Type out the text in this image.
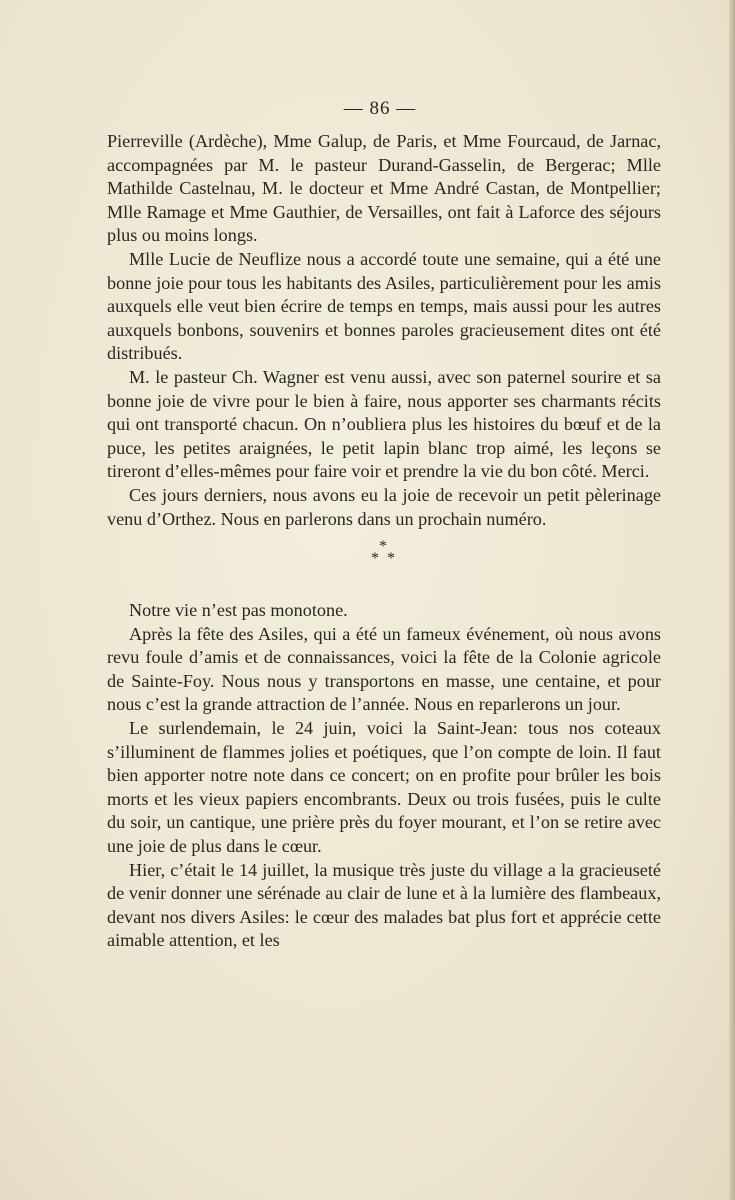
— 86 —

Pierreville (Ardèche), Mme Galup, de Paris, et Mme Fourcaud, de Jarnac, accompagnées par M. le pasteur Durand-Gasselin, de Bergerac; Mlle Mathilde Castelnau, M. le docteur et Mme André Castan, de Montpellier; Mlle Ramage et Mme Gauthier, de Versailles, ont fait à Laforce des séjours plus ou moins longs.

Mlle Lucie de Neuflize nous a accordé toute une semaine, qui a été une bonne joie pour tous les habitants des Asiles, particulièrement pour les amis auxquels elle veut bien écrire de temps en temps, mais aussi pour les autres auxquels bonbons, souvenirs et bonnes paroles gracieusement dites ont été distribués.

M. le pasteur Ch. Wagner est venu aussi, avec son paternel sourire et sa bonne joie de vivre pour le bien à faire, nous apporter ses charmants récits qui ont transporté chacun. On n’oubliera plus les histoires du bœuf et de la puce, les petites araignées, le petit lapin blanc trop aimé, les leçons se tireront d’elles-mêmes pour faire voir et prendre la vie du bon côté. Merci.

Ces jours derniers, nous avons eu la joie de recevoir un petit pèlerinage venu d’Orthez. Nous en parlerons dans un prochain numéro.

*
* *

Notre vie n’est pas monotone.

Après la fête des Asiles, qui a été un fameux événement, où nous avons revu foule d’amis et de connaissances, voici la fête de la Colonie agricole de Sainte-Foy. Nous nous y transportons en masse, une centaine, et pour nous c’est la grande attraction de l’année. Nous en reparlerons un jour.

Le surlendemain, le 24 juin, voici la Saint-Jean: tous nos coteaux s’illuminent de flammes jolies et poétiques, que l’on compte de loin. Il faut bien apporter notre note dans ce concert; on en profite pour brûler les bois morts et les vieux papiers encombrants. Deux ou trois fusées, puis le culte du soir, un cantique, une prière près du foyer mourant, et l’on se retire avec une joie de plus dans le cœur.

Hier, c’était le 14 juillet, la musique très juste du village a la gracieuseté de venir donner une sérénade au clair de lune et à la lumière des flambeaux, devant nos divers Asiles: le cœur des malades bat plus fort et apprécie cette aimable attention, et les
